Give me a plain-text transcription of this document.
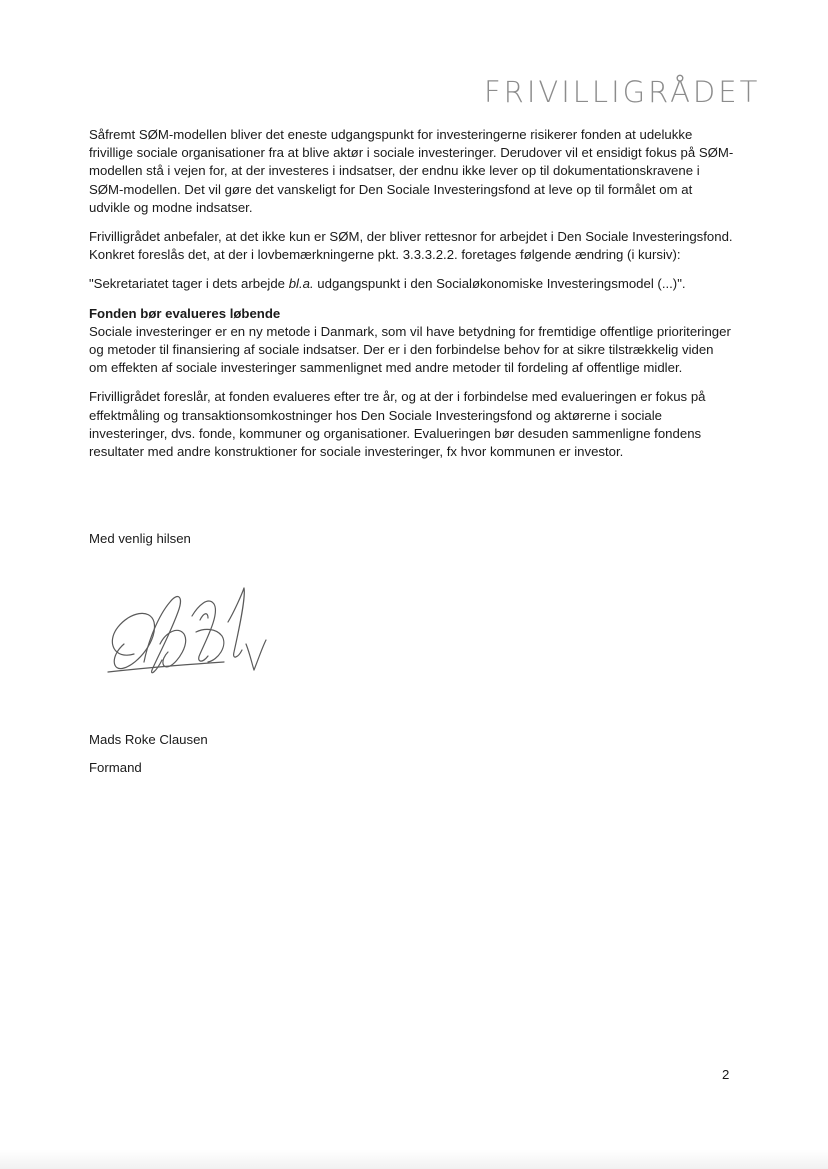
FRIVILLIGRÅDET

Såfremt SØM-modellen bliver det eneste udgangspunkt for investeringerne risikerer fonden at udelukke frivillige sociale organisationer fra at blive aktør i sociale investeringer. Derudover vil et ensidigt fokus på SØM-modellen stå i vejen for, at der investeres i indsatser, der endnu ikke lever op til dokumentationskravene i SØM-modellen. Det vil gøre det vanskeligt for Den Sociale Investeringsfond at leve op til formålet om at udvikle og modne indsatser.

Frivilligrådet anbefaler, at det ikke kun er SØM, der bliver rettesnor for arbejdet i Den Sociale Investeringsfond. Konkret foreslås det, at der i lovbemærkningerne pkt. 3.3.3.2.2. foretages følgende ændring (i kursiv):

"Sekretariatet tager i dets arbejde bl.a. udgangspunkt i den Socialøkonomiske Investeringsmodel (...)".

Fonden bør evalueres løbende

Sociale investeringer er en ny metode i Danmark, som vil have betydning for fremtidige offentlige prioriteringer og metoder til finansiering af sociale indsatser. Der er i den forbindelse behov for at sikre tilstrækkelig viden om effekten af sociale investeringer sammenlignet med andre metoder til fordeling af offentlige midler.

Frivilligrådet foreslår, at fonden evalueres efter tre år, og at der i forbindelse med evalueringen er fokus på effektmåling og transaktionsomkostninger hos Den Sociale Investeringsfond og aktørerne i sociale investeringer, dvs. fonde, kommuner og organisationer. Evalueringen bør desuden sammenligne fondens resultater med andre konstruktioner for sociale investeringer, fx hvor kommunen er investor.

Med venlig hilsen
Mads Roke Clausen
Formand
2
